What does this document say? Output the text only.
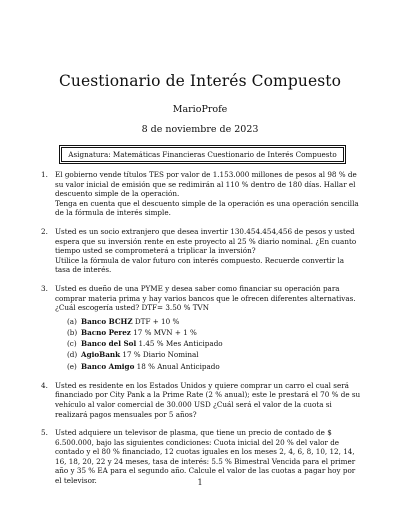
Cuestionario de Interés Compuesto
MarioProfe
8 de noviembre de 2023
Asignatura: Matemáticas Financieras Cuestionario de Interés Compuesto
1. El gobierno vende títulos TES por valor de 1.153.000 millones de pesos al 98 % de su valor inicial de emisión que se redimirán al 110 % dentro de 180 días. Hallar el descuento simple de la operación.

Tenga en cuenta que el descuento simple de la operación es una operación sencilla de la fórmula de interés simple.

2. Usted es un socio extranjero que desea invertir 130.454.454,456 de pesos y usted espera que su inversión rente en este proyecto al 25 % diario nominal. ¿En cuanto tiempo usted se comprometerá a triplicar la inversión?

Utilice la fórmula de valor futuro con interés compuesto. Recuerde convertir la tasa de interés.

3. Usted es dueño de una PYME y desea saber como financiar su operación para comprar materia prima y hay varios bancos que le ofrecen diferentes alternativas. ¿Cuál escogería usted? DTF= 3.50 % TVN

(a) Banco BCHZ DTF + 10 %
(b) Bacno Perez 17 % MVN + 1 %
(c) Banco del Sol 1.45 % Mes Anticipado
(d) AgioBank 17 % Diario Nominal
(e) Banco Amigo 18 % Anual Anticipado
4. Usted es residente en los Estados Unidos y quiere comprar un carro el cual será financiado por City Pank a la Prime Rate (2 % anual); este le prestará el 70 % de su vehículo al valor comercial de 30.000 USD ¿Cuál será el valor de la cuota si realizará pagos mensuales por 5 años?

5. Usted adquiere un televisor de plasma, que tiene un precio de contado de $ 6.500.000, bajo las siguientes condiciones: Cuota inicial del 20 % del valor de contado y el 80 % financiado, 12 cuotas iguales en los meses 2, 4, 6, 8, 10, 12, 14, 16, 18, 20, 22 y 24 meses, tasa de interés: 5.5 % Bimestral Vencida para el primer año y 35 % EA para el segundo año. Calcule el valor de las cuotas a pagar hoy por el televisor.	1
